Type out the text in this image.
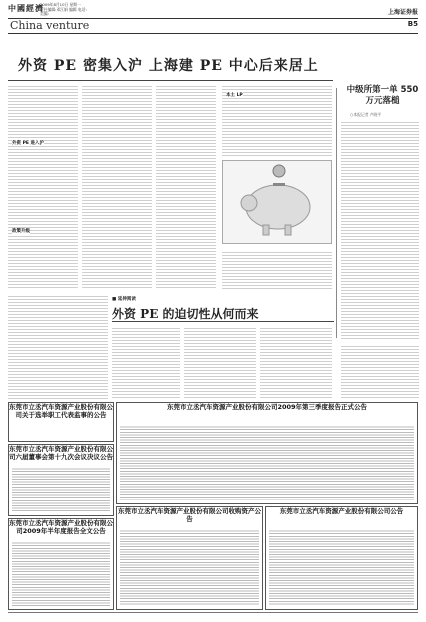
中國經濟
2009年8月10日 星期一
责任编辑:邓江娟 编辑 电话:
美编:
China venture
上海证券报
B5
外资 PE 密集入沪 上海建 PE 中心后来居上
外资 PE 进入沪
政策升级
本土 LP
中级所第一单 550万元落槌
○本报记者 卢晓平
■ 延伸阅读
外资 PE 的迫切性从何而来
东莞市立丞汽车资源产业股份有限公司关于选举职工代表监事的公告
东莞市立丞汽车资源产业股份有限公司六届董事会第十九次会议决议公告
东莞市立丞汽车资源产业股份有限公司2009年半年度报告全文公告
东莞市立丞汽车资源产业股份有限公司2009年第三季度报告正式公告
东莞市立丞汽车资源产业股份有限公司收购资产公告
东莞市立丞汽车资源产业股份有限公司公告
